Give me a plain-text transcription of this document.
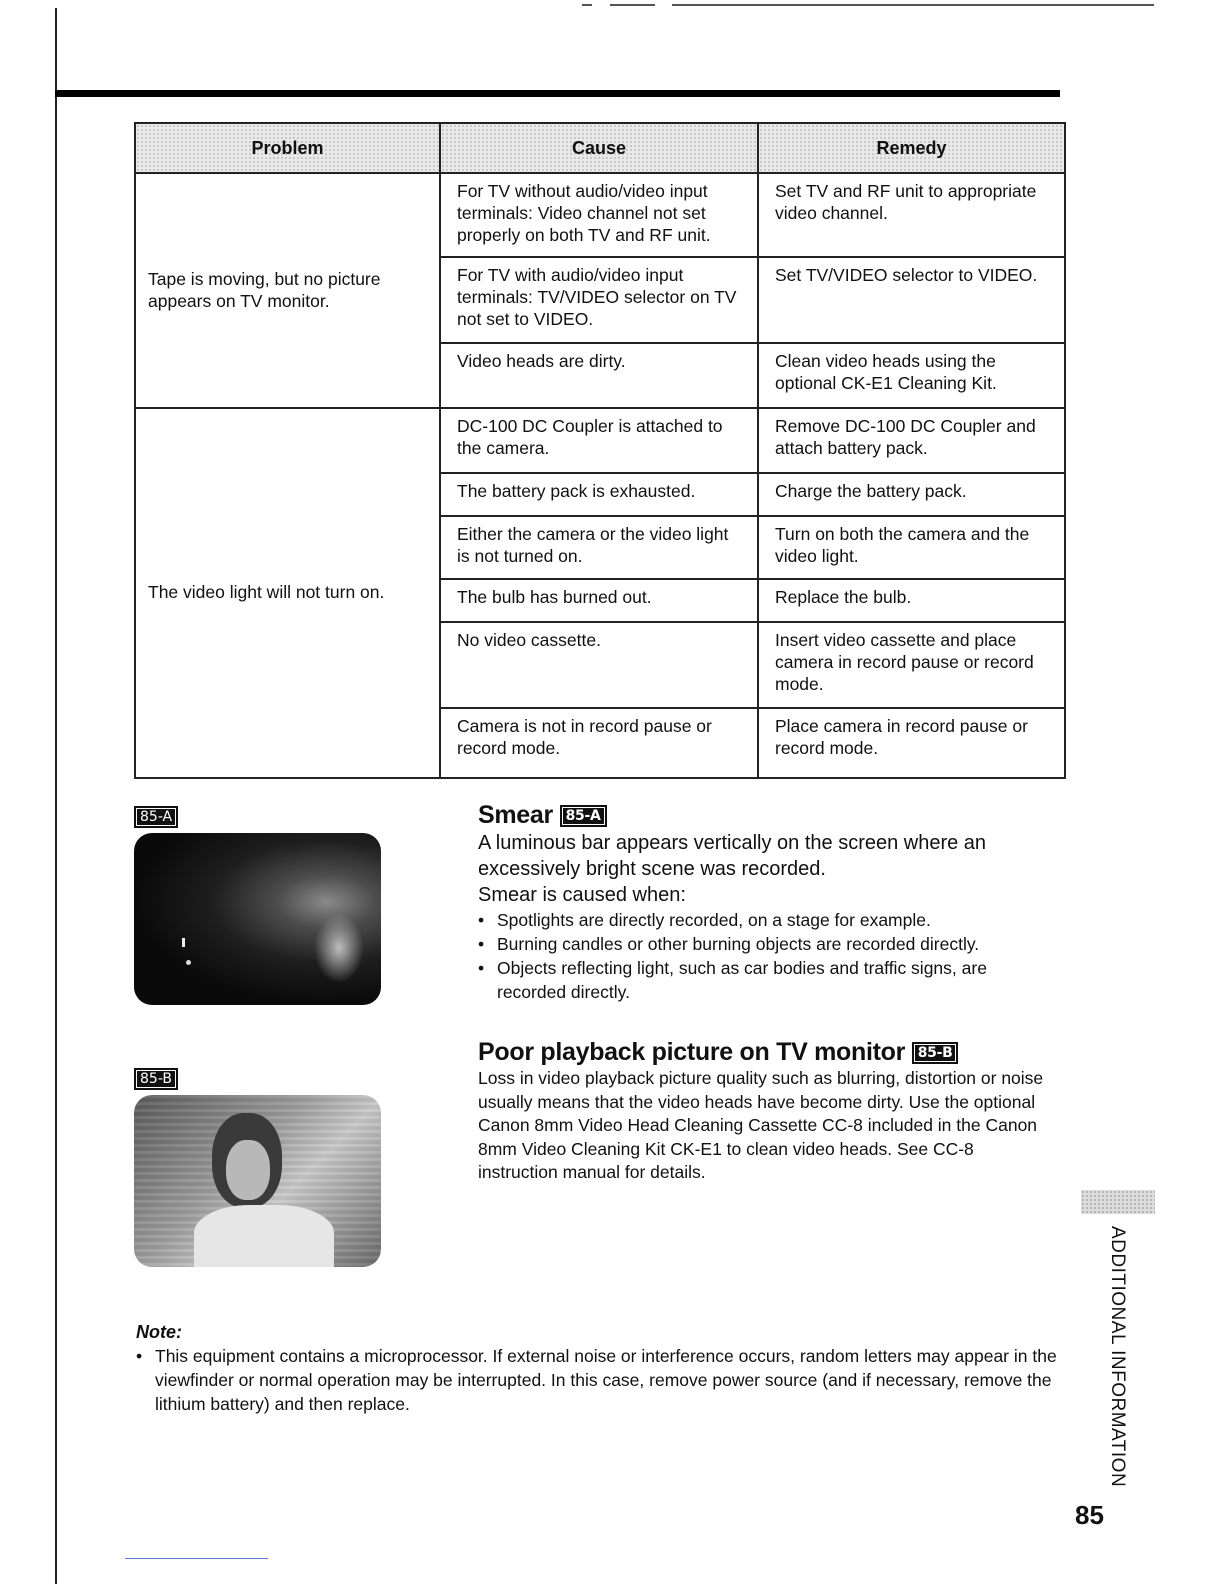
Problem	Cause	Remedy
Tape is moving, but no picture appears on TV monitor.	For TV without audio/video input terminals: Video channel not set properly on both TV and RF unit.	Set TV and RF unit to appropriate video channel.
	For TV with audio/video input terminals: TV/VIDEO selector on TV not set to VIDEO.	Set TV/VIDEO selector to VIDEO.
	Video heads are dirty.	Clean video heads using the optional CK-E1 Cleaning Kit.
The video light will not turn on.	DC-100 DC Coupler is attached to the camera.	Remove DC-100 DC Coupler and attach battery pack.
	The battery pack is exhausted.	Charge the battery pack.
	Either the camera or the video light is not turned on.	Turn on both the camera and the video light.
	The bulb has burned out.	Replace the bulb.
	No video cassette.	Insert video cassette and place camera in record pause or record mode.
	Camera is not in record pause or record mode.	Place camera in record pause or record mode.
85-A
85-B
Smear 85-A
A luminous bar appears vertically on the screen where an excessively bright scene was recorded.
Smear is caused when:
• Spotlights are directly recorded, on a stage for example.
• Burning candles or other burning objects are recorded directly.
• Objects reflecting light, such as car bodies and traffic signs, are recorded directly.
Poor playback picture on TV monitor 85-B
Loss in video playback picture quality such as blurring, distortion or noise usually means that the video heads have become dirty. Use the optional Canon 8mm Video Head Cleaning Cassette CC-8 included in the Canon 8mm Video Cleaning Kit CK-E1 to clean video heads. See CC-8 instruction manual for details.
Note:
• This equipment contains a microprocessor. If external noise or interference occurs, random letters may appear in the viewfinder or normal operation may be interrupted. In this case, remove power source (and if necessary, remove the lithium battery) and then replace.	ADDITIONAL INFORMATION
85
